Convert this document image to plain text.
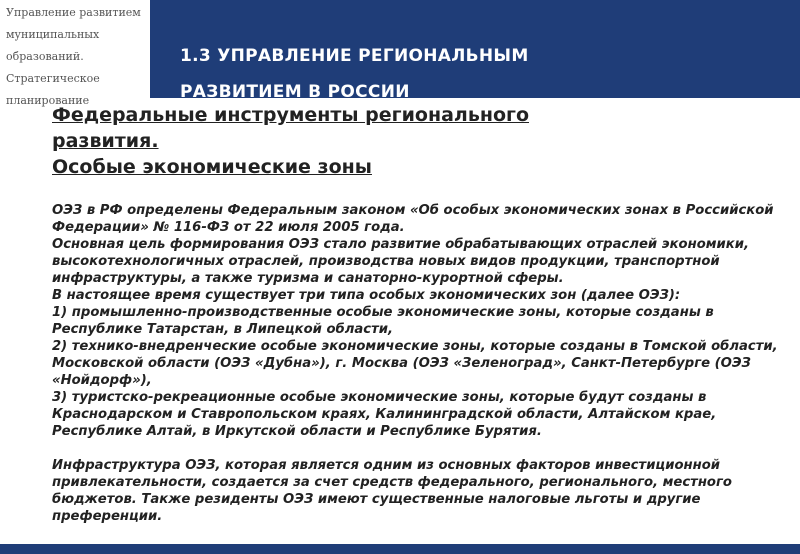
Управление развитием
муниципальных
образований.
Стратегическое
планирование
1.3 УПРАВЛЕНИЕ РЕГИОНАЛЬНЫМ
РАЗВИТИЕМ В РОССИИ
Федеральные инструменты регионального
развития.
Особые экономические зоны

ОЭЗ в РФ определены Федеральным законом «Об особых экономических зонах в Российской Федерации» № 116-ФЗ от 22 июля 2005 года.

Основная цель формирования ОЭЗ стало развитие обрабатывающих отраслей экономики, высокотехнологичных отраслей, производства новых видов продукции, транспортной инфраструктуры, а также туризма и санаторно-курортной сферы.

В настоящее время существует три типа особых экономических зон (далее ОЭЗ):

1) промышленно-производственные особые экономические зоны, которые созданы в Республике Татарстан, в Липецкой области,

2) технико-внедренческие особые экономические зоны, которые созданы в Томской области, Московской области (ОЭЗ «Дубна»), г. Москва (ОЭЗ «Зеленоград», Санкт-Петербурге (ОЭЗ «Нойдорф»),

3) туристско-рекреационные особые экономические зоны, которые будут созданы в Краснодарском и Ставропольском краях, Калининградской области, Алтайском крае, Республике Алтай, в Иркутской области и Республике Бурятия.

Инфраструктура ОЭЗ, которая является одним из основных факторов инвестиционной привлекательности, создается за счет средств федерального, регионального, местного бюджетов. Также резиденты ОЭЗ имеют существенные налоговые льготы и другие преференции.
